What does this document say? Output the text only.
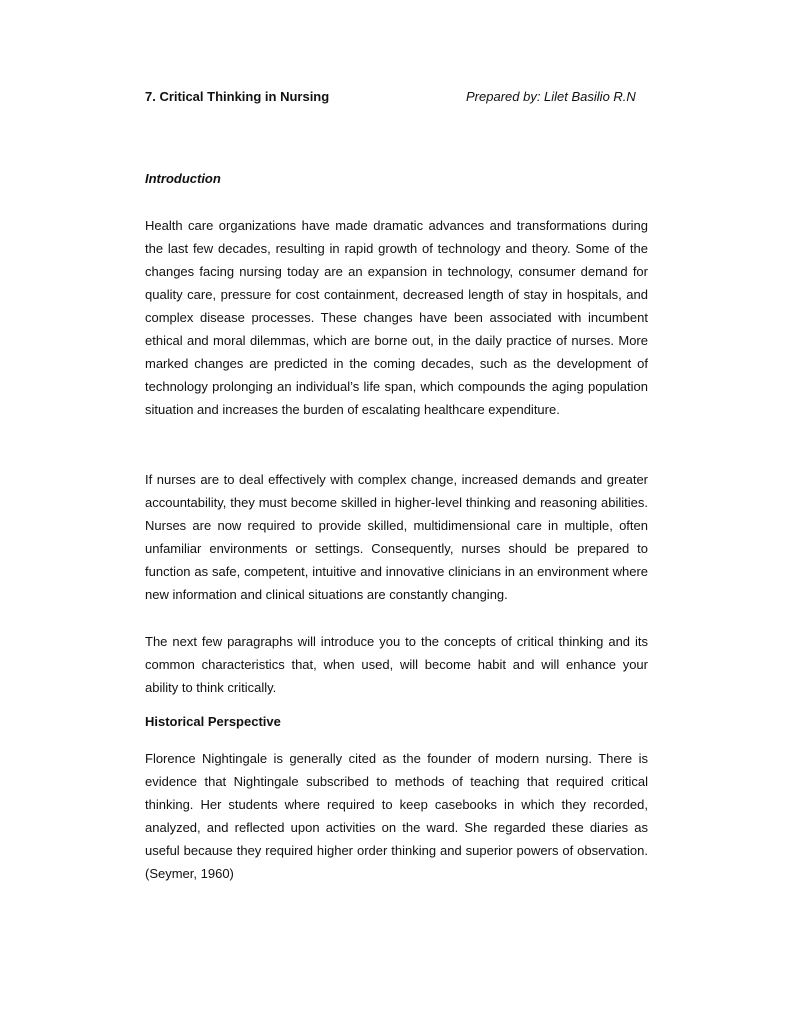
7. Critical Thinking in Nursing	Prepared by: Lilet Basilio R.N
Introduction

Health care organizations have made dramatic advances and transformations during the last few decades, resulting in rapid growth of technology and theory. Some of the changes facing nursing today are an expansion in technology, consumer demand for quality care, pressure for cost containment, decreased length of stay in hospitals, and complex disease processes. These changes have been associated with incumbent ethical and moral dilemmas, which are borne out, in the daily practice of nurses. More marked changes are predicted in the coming decades, such as the development of technology prolonging an individual’s life span, which compounds the aging population situation and increases the burden of escalating healthcare expenditure.

If nurses are to deal effectively with complex change, increased demands and greater accountability, they must become skilled in higher-level thinking and reasoning abilities. Nurses are now required to provide skilled, multidimensional care in multiple, often unfamiliar environments or settings. Consequently, nurses should be prepared to function as safe, competent, intuitive and innovative clinicians in an environment where new information and clinical situations are constantly changing.

The next few paragraphs will introduce you to the concepts of critical thinking and its common characteristics that, when used, will become habit and will enhance your ability to think critically.

Historical Perspective

Florence Nightingale is generally cited as the founder of modern nursing. There is evidence that Nightingale subscribed to methods of teaching that required critical thinking. Her students where required to keep casebooks in which they recorded, analyzed, and reflected upon activities on the ward. She regarded these diaries as useful because they required higher order thinking and superior powers of observation. (Seymer, 1960)
